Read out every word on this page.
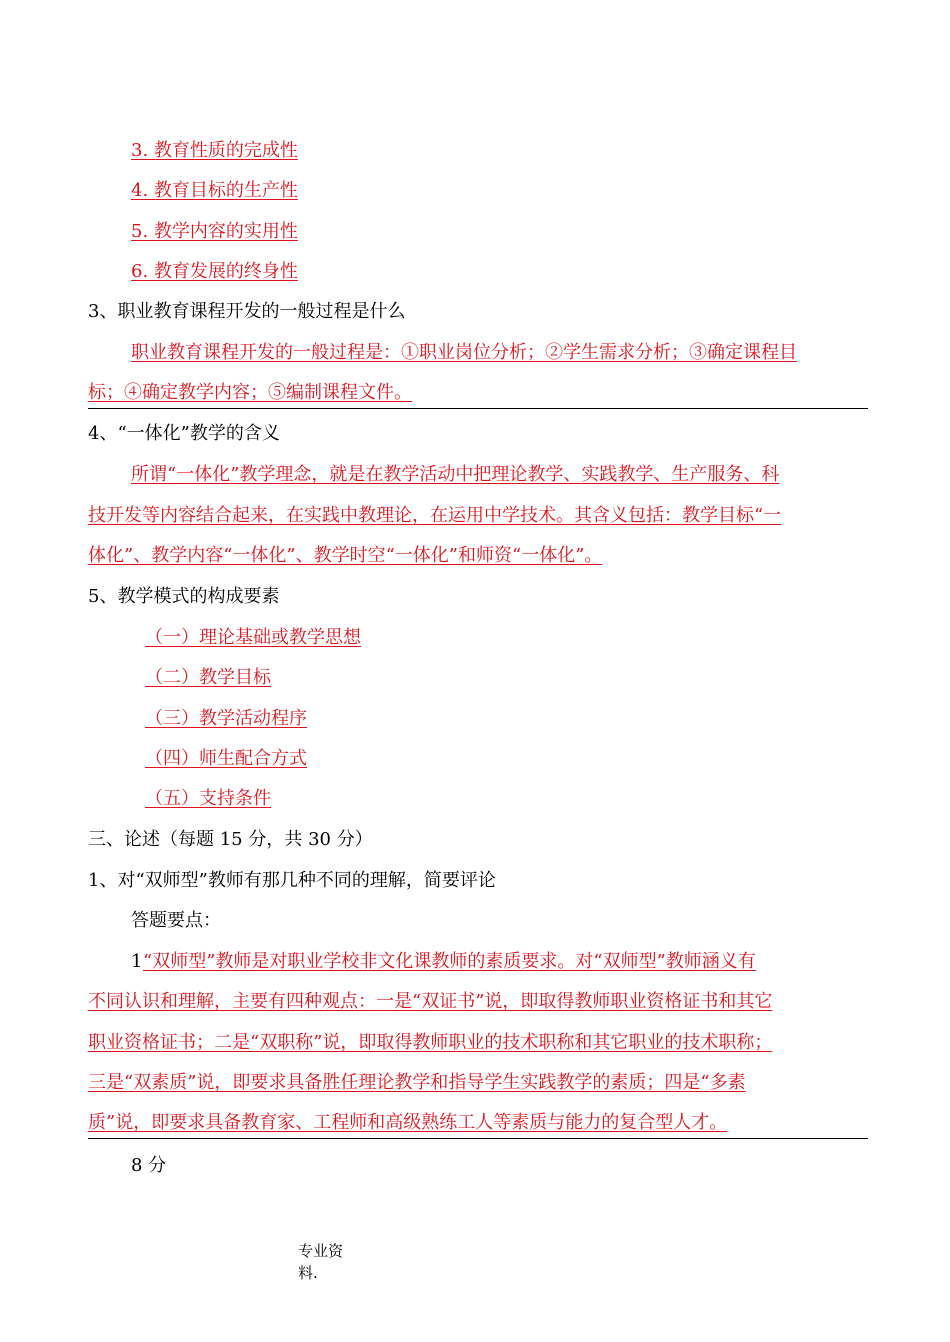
3. 教育性质的完成性
4. 教育目标的生产性
5. 教学内容的实用性
6. 教育发展的终身性
3、职业教育课程开发的一般过程是什么
职业教育课程开发的一般过程是：①职业岗位分析；②学生需求分析；③确定课程目
标；④确定教学内容；⑤编制课程文件。
4、“一体化”教学的含义
所谓“一体化”教学理念，就是在教学活动中把理论教学、实践教学、生产服务、科
技开发等内容结合起来，在实践中教理论，在运用中学技术。其含义包括：教学目标“一
体化”、教学内容“一体化”、教学时空“一体化”和师资“一体化”。
5、教学模式的构成要素
（一）理论基础或教学思想
（二）教学目标
（三）教学活动程序
（四）师生配合方式
（五）支持条件
三、论述（每题 15 分，共 30 分）
1、对“双师型”教师有那几种不同的理解，简要评论
答题要点：
1 “双师型”教师是对职业学校非文化课教师的素质要求。对“双师型”教师涵义有
不同认识和理解，主要有四种观点：一是“双证书”说，即取得教师职业资格证书和其它
职业资格证书；二是“双职称”说，即取得教师职业的技术职称和其它职业的技术职称；
三是“双素质”说，即要求具备胜任理论教学和指导学生实践教学的素质；四是“多素
质”说，即要求具备教育家、工程师和高级熟练工人等素质与能力的复合型人才。
8 分
专业资
料.
